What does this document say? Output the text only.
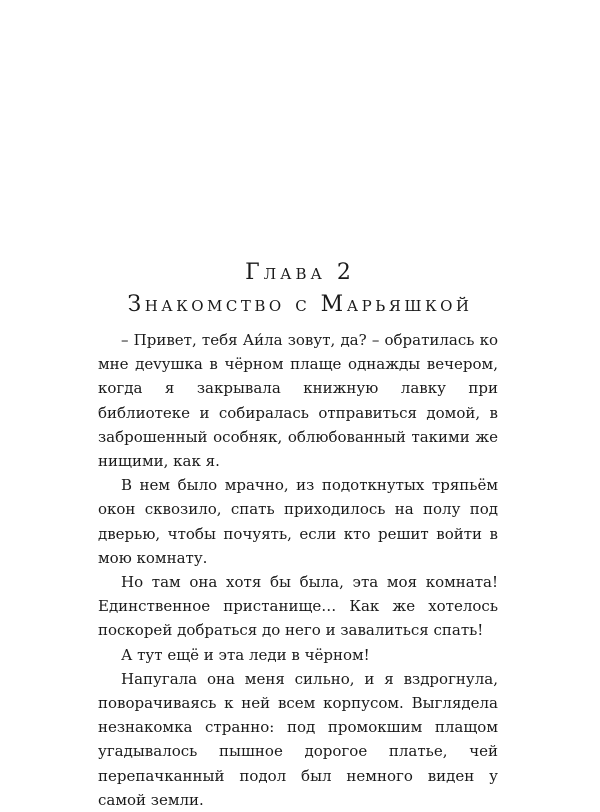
Глава 2
Знакомство с Марьяшкой

– Привет, тебя Аи́ла зовут, да? – обратилась ко мне деvушка в чёрном плаще однажды вечером, когда я закрывала книжную лавку при библиотеке и собиралась отправиться домой, в заброшенный особняк, облюбованный такими же нищими, как я.

В нем было мрачно, из подоткнутых тряпьём окон сквозило, спать приходилось на полу под дверью, чтобы почуять, если кто решит войти в мою комнату.

Но там она хотя бы была, эта моя комната! Единственное пристанище… Как же хотелось поскорей добраться до него и завалиться спать!

А тут ещё и эта леди в чёрном!

Напугала она меня сильно, и я вздрогнула, поворачиваясь к ней всем корпусом. Выглядела незнакомка странно: под промокшим плащом угадывалось пышное дорогое платье, чей перепачканный подол был немного виден у самой земли.
